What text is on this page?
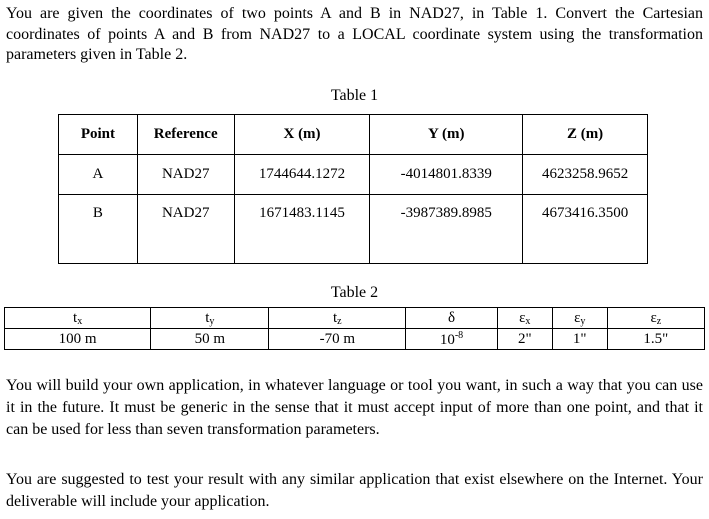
You are given the coordinates of two points A and B in NAD27, in Table 1. Convert the Cartesian coordinates of points A and B from NAD27 to a LOCAL coordinate system using the transformation parameters given in Table 2.

Table 1
Point	Reference	X (m)	Y (m)	Z (m)
A	NAD27	1744644.1272	-4014801.8339	4623258.9652
B	NAD27	1671483.1145	-3987389.8985	4673416.3500
Table 2
$t_x$	$t_y$	$t_z$	δ	$\varepsilon_x$	$\varepsilon_y$	$\varepsilon_z$
100 m	50 m	-70 m	$10^{-8}$	2"	1"	1.5"

You will build your own application, in whatever language or tool you want, in such a way that you can use it in the future. It must be generic in the sense that it must accept input of more than one point, and that it can be used for less than seven transformation parameters.

You are suggested to test your result with any similar application that exist elsewhere on the Internet. Your deliverable will include your application.
